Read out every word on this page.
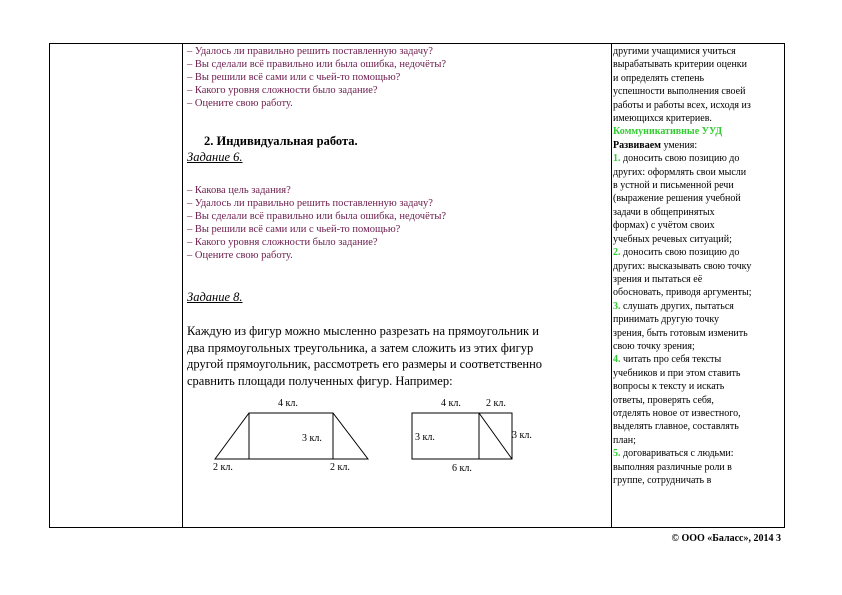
– Удалось ли правильно решить поставленную задачу?
– Вы сделали всё правильно или была ошибка, недочёты?
– Вы решили всё сами или с чьей-то помощью?
– Какого уровня сложности было задание?
– Оцените свою работу.
2. Индивидуальная работа.
Задание 6.
– Какова цель задания?
– Удалось ли правильно решить поставленную задачу?
– Вы сделали всё правильно или была ошибка, недочёты?
– Вы решили всё сами или с чьей-то помощью?
– Какого уровня сложности было задание?
– Оцените свою работу.
Задание 8.
Каждую из фигур можно мысленно разрезать на прямоугольник и
два прямоугольных треугольника, а затем сложить из этих фигур
другой прямоугольник, рассмотреть его размеры и соответственно
сравнить площади полученных фигур. Например:
4 кл.
3 кл.
2 кл.	2 кл.
4 кл.	2 кл.
3 кл.	3 кл.
6 кл.
другими учащимися учиться
вырабатывать критерии оценки
и определять степень
успешности выполнения своей
работы и работы всех, исходя из
имеющихся критериев.
Коммуникативные УУД
Развиваем умения:
1. доносить свою позицию до
других: оформлять свои мысли
в устной и письменной речи
(выражение решения учебной
задачи в общепринятых
формах) с учётом своих
учебных речевых ситуаций;
2. доносить свою позицию до
других: высказывать свою точку
зрения и пытаться её
обосновать, приводя аргументы;
3. слушать других, пытаться
принимать другую точку
зрения, быть готовым изменить
свою точку зрения;
4. читать про себя тексты
учебников и при этом ставить
вопросы к тексту и искать
ответы, проверять себя,
отделять новое от известного,
выделять главное, составлять
план;
5. договариваться с людьми:
выполняя различные роли в
группе, сотрудничать в
© ООО «Баласс», 2014 3
